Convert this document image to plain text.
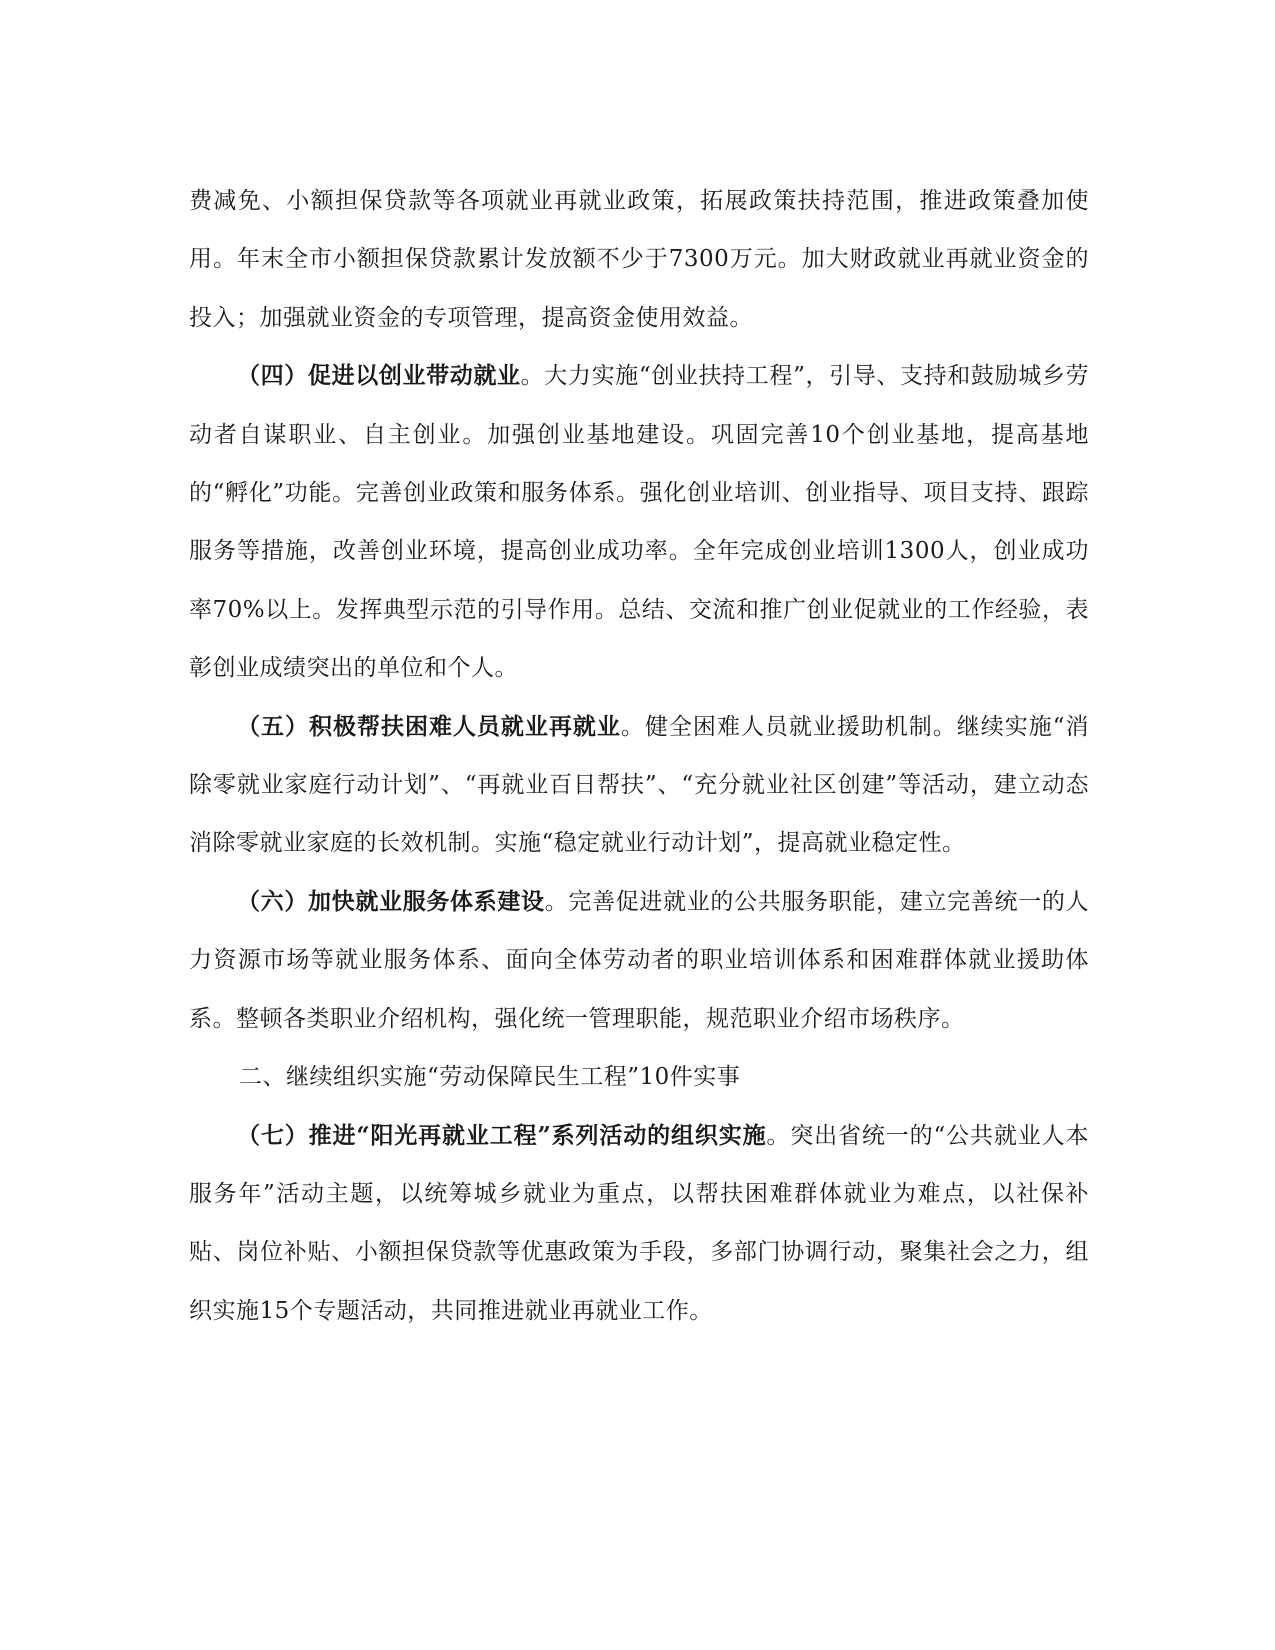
费减免、小额担保贷款等各项就业再就业政策，拓展政策扶持范围，推进政策叠加使用。年末全市小额担保贷款累计发放额不少于7300万元。加大财政就业再就业资金的投入；加强就业资金的专项管理，提高资金使用效益。

（四）促进以创业带动就业。大力实施“创业扶持工程”，引导、支持和鼓励城乡劳动者自谋职业、自主创业。加强创业基地建设。巩固完善10个创业基地，提高基地的“孵化”功能。完善创业政策和服务体系。强化创业培训、创业指导、项目支持、跟踪服务等措施，改善创业环境，提高创业成功率。全年完成创业培训1300人，创业成功率70%以上。发挥典型示范的引导作用。总结、交流和推广创业促就业的工作经验，表彰创业成绩突出的单位和个人。

（五）积极帮扶困难人员就业再就业。健全困难人员就业援助机制。继续实施“消除零就业家庭行动计划”、“再就业百日帮扶”、“充分就业社区创建”等活动，建立动态消除零就业家庭的长效机制。实施“稳定就业行动计划”，提高就业稳定性。

（六）加快就业服务体系建设。完善促进就业的公共服务职能，建立完善统一的人力资源市场等就业服务体系、面向全体劳动者的职业培训体系和困难群体就业援助体系。整顿各类职业介绍机构，强化统一管理职能，规范职业介绍市场秩序。

二、继续组织实施“劳动保障民生工程”10件实事

（七）推进“阳光再就业工程”系列活动的组织实施。突出省统一的“公共就业人本服务年”活动主题，以统筹城乡就业为重点，以帮扶困难群体就业为难点，以社保补贴、岗位补贴、小额担保贷款等优惠政策为手段，多部门协调行动，聚集社会之力，组织实施15个专题活动，共同推进就业再就业工作。
